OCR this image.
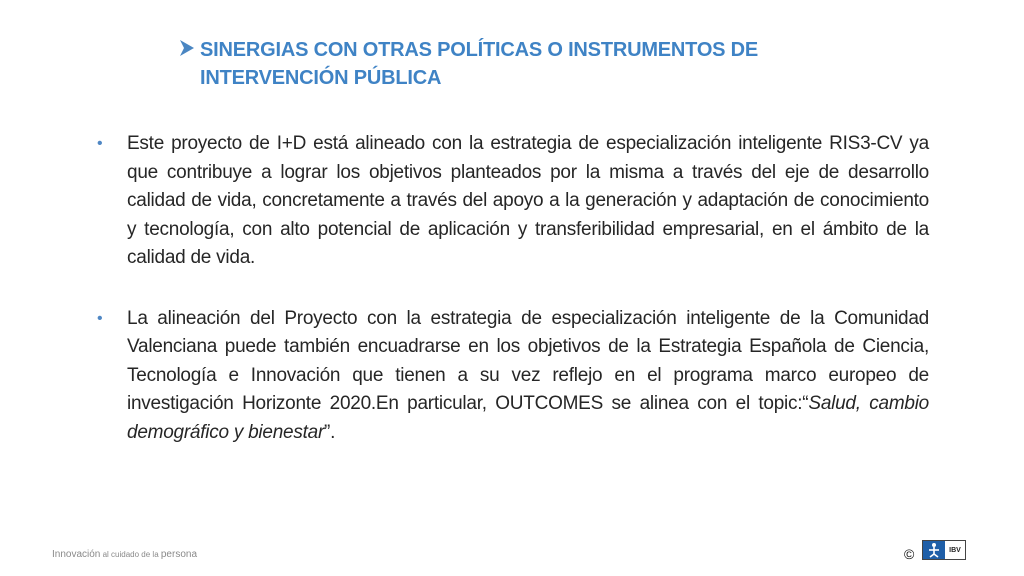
SINERGIAS CON OTRAS POLÍTICAS O INSTRUMENTOS DE INTERVENCIÓN PÚBLICA
•	Este proyecto de I+D está alineado con la estrategia de especialización inteligente RIS3-CV ya que contribuye a lograr los objetivos planteados por la misma a través del eje de desarrollo calidad de vida, concretamente a través del apoyo a la generación y adaptación de conocimiento y tecnología, con alto potencial de aplicación y transferibilidad empresarial, en el ámbito de la calidad de vida.
•	La alineación del Proyecto con la estrategia de especialización inteligente de la Comunidad Valenciana puede también encuadrarse en los objetivos de la Estrategia Española de Ciencia, Tecnología e Innovación que tienen a su vez reflejo en el programa marco europeo de investigación Horizonte 2020.En particular, OUTCOMES se alinea con el topic:“Salud, cambio demográfico y bienestar”.
Innovación al cuidado de la persona	©	IBV
